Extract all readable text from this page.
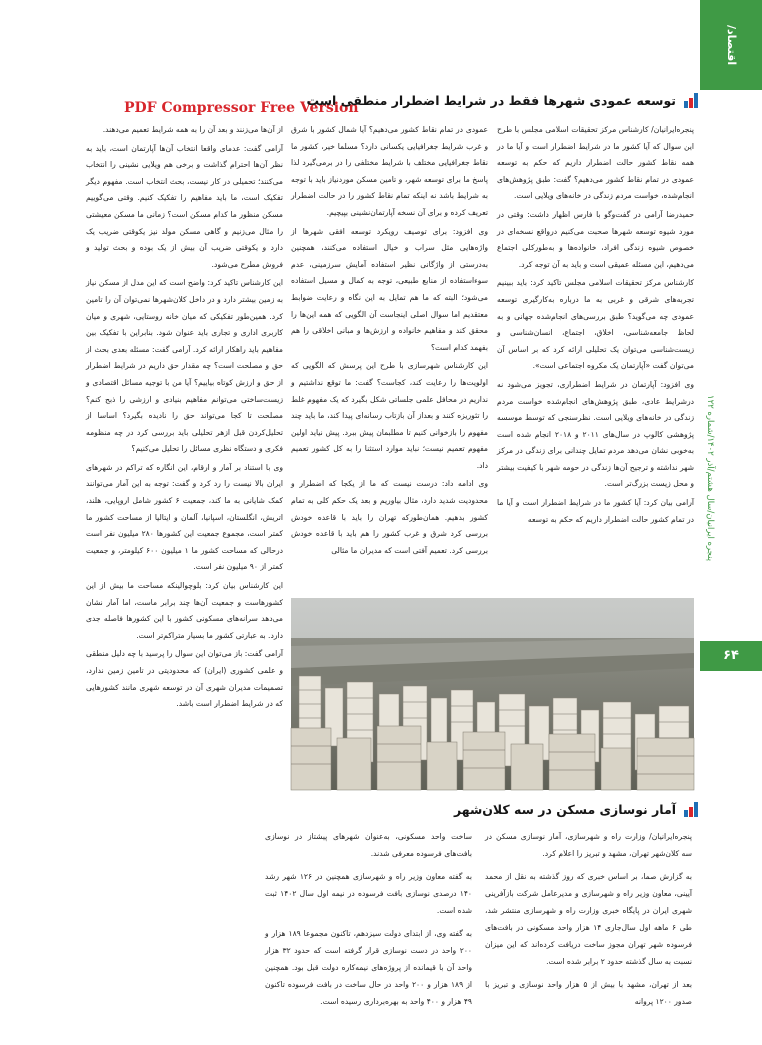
اقتصاد/ماکرو/رنگ
پنجره ایرانیان/سال هشتم/آذر ۱۴۰۲/شماره ۱۲۲
۶۴
PDF Compressor Free Version
توسعه عمودی شهرها فقط در شرایط اضطرار منطقی است

پنجره‌ایرانیان/ کارشناس مرکز تحقیقات اسلامی مجلس با طرح این سوال که آیا کشور ما در شرایط اضطرار است و آیا ما در همه نقاط کشور حالت اضطرار داریم که حکم به توسعه عمودی در تمام نقاط کشور می‌دهیم؟ گفت: طبق پژوهش‌های انجام‌شده، خواست مردم زندگی در خانه‌های ویلایی است.

حمیدرضا آرامی در گفت‌وگو با فارس اظهار داشت: وقتی در مورد شیوه توسعه شهرها صحبت می‌کنیم درواقع نسخه‌ای در خصوص شیوه زندگی افراد، خانواده‌ها و به‌طورکلی اجتماع می‌دهیم، این مسئله عمیقی است و باید به آن توجه کرد.

کارشناس مرکز تحقیقات اسلامی مجلس تاکید کرد: باید ببینیم تجربه‌های شرقی و غربی به ما درباره به‌کارگیری توسعه عمودی چه می‌گوید؟ طبق بررسی‌های انجام‌شده جهانی و به لحاظ جامعه‌شناسی، اخلاق، اجتماع، انسان‌شناسی و زیست‌شناسی می‌توان یک تحلیلی ارائه کرد که بر اساس آن می‌توان گفت «آپارتمان یک مکروه اجتماعی است».

وی افزود: آپارتمان در شرایط اضطراری، تجویز می‌شود نه درشرایط عادی، طبق پژوهش‌های انجام‌شده خواست مردم زندگی در خانه‌های ویلایی است. نظرسنجی که توسط موسسه پژوهشی کالوپ در سال‌های ۲۰۱۱ و ۲۰۱۸ انجام شده است به‌خوبی نشان می‌دهد مردم تمایل چندانی برای زندگی در مرکز شهر نداشته و ترجیح آن‌ها زندگی در حومه شهر با کیفیت بیشتر و محل زیست بزرگ‌تر است.

آرامی بیان کرد: آیا کشور ما در شرایط اضطرار است و آیا ما در تمام کشور حالت اضطرار داریم که حکم به توسعه

عمودی در تمام نقاط کشور می‌دهیم؟ آیا شمال کشور با شرق و غرب شرایط جغرافیایی یکسانی دارد؟ مسلما خیر، کشور ما نقاط جغرافیایی مختلف با شرایط مختلفی را در برمی‌گیرد لذا پاسخ ما برای توسعه شهر، و تامین مسکن موردنیاز باید با توجه به شرایط باشد نه اینکه تمام نقاط کشور را در حالت اضطرار تعریف کرده و برای آن نسخه آپارتمان‌نشینی بپیچیم.

وی افزود: برای توصیف رویکرد توسعه افقی شهرها از واژه‌هایی مثل سراب و خیال استفاده می‌کنند، همچنین به‌درستی از واژگانی نظیر استفاده آمایش سرزمینی، عدم سوءاستفاده از منابع طبیعی، توجه به کمال و مسیل استفاده می‌شود؛ البته که ما هم تمایل به این نگاه و رعایت ضوابط معتقدیم اما سوال اصلی اینجاست آن الگویی که همه این‌ها را محقق کند و مفاهیم خانواده و ارزش‌ها و مبانی اخلاقی را هم بفهمد کدام است؟

این کارشناس شهرسازی با طرح این پرسش که الگویی که اولویت‌ها را رعایت کند، کجاست؟ گفت: ما توقع نداشتیم و نداریم در محافل علمی جلساتی شکل بگیرد که یک مفهوم غلط را تئوریزه کنند و بعداز آن بازتاب رسانه‌ای پیدا کند، ما باید چند مفهوم را بازخوانی کنیم تا مطلبمان پیش ببرد. پیش نیاید اولین مفهوم تعمیم نیست؛ نباید موارد استثنا را به کل کشور تعمیم داد.

وی ادامه داد: درست نیست که ما از یکجا که اضطرار و محدودیت شدید دارد، مثال بیاوریم و بعد یک حکم کلی به تمام کشور بدهیم. همان‌طورکه تهران را باید با قاعده خودش بررسی کرد شرق و غرب کشور را هم باید با قاعده خودش بررسی کرد. تعمیم آفتی است که مدیران ما مثالی

از آن‌ها می‌زنند و بعد آن را به همه شرایط تعمیم می‌دهند.

آرامی گفت: عدمای واقعا انتخاب آن‌ها آپارتمان است، باید به نظر آن‌ها احترام گذاشت و برخی هم ویلایی نشینی را انتخاب می‌کنند؛ تحمیلی در کار نیست، بحث انتخاب است. مفهوم دیگر تفکیک است، ما باید مفاهیم را تفکیک کنیم. وقتی می‌گوییم مسکن منظور ما کدام مسکن است؟ زمانی ما مسکن معیشتی را مثال می‌زنیم و گاهی مسکن مولد نیز یکوقتی ضریب یک دارد و یکوقتی ضریب آن بیش از یک بوده و بحث تولید و فروش مطرح می‌شود.

این کارشناس تاکید کرد: واضح است که این مدل از مسکن نیاز به زمین بیشتر دارد و در داخل کلان‌شهرها نمی‌توان آن را تامین کرد. همین‌طور تفکیکی که میان خانه روستایی، شهری و میان کاربری اداری و تجاری باید عنوان شود. بنابراین با تفکیک بین مفاهیم باید راهکار ارائه کرد. آرامی گفت: مسئله بعدی بحث از حق و مصلحت است؟ چه مقدار حق داریم در شرایط اضطرار از حق و ارزش کوتاه بیاییم؟ آیا من با توجیه مسائل اقتصادی و زیست‌ساختی می‌توانم مفاهیم بنیادی و ارزشی را ذبح کنم؟ مصلحت تا کجا می‌تواند حق را نادیده بگیرد؟ اساسا از تحلیل‌کردن قبل ازهر تحلیلی باید بررسی کرد در چه منظومه فکری و دستگاه نظری مسائل را تحلیل می‌کنیم؟

وی با استناد بر آمار و ارقام، این انگاره که تراکم در شهرهای ایران بالا نیست را رد کرد و گفت: توجه به این آمار می‌توانند کمک شایانی به ما کند، جمعیت ۶ کشور شامل اروپایی، هلند، اتریش، انگلستان، اسپانیا، آلمان و ایتالیا از مساحت کشور ما کمتر است، مجموع جمعیت این کشورها ۲۸۰ میلیون نفر است درحالی که مساحت کشور ما ۱ میلیون ۶۰۰ کیلومتر، و جمعیت کمتر از ۹۰ میلیون نفر است.

این کارشناس بیان کرد: بلوچوالینکه مساحت ما بیش از این کشورهاست و جمعیت آن‌ها چند برابر ماست، اما آمار نشان می‌دهد سرانه‌های مسکونی کشور با این کشورها فاصله جدی دارد. به عبارتی کشور ما بسیار متراکم‌تر است.

آرامی گفت: باز می‌توان این سوال را پرسید با چه دلیل منطقی و علمی کشوری (ایران) که محدودیتی در تامین زمین ندارد، تصمیمات مدیران شهری آن در توسعه شهری مانند کشورهایی که در شرایط اضطرار است باشد.

آمار نوسازی مسکن در سه کلان‌شهر

پنجره‌ایرانیان/ وزارت راه و شهرسازی، آمار نوسازی مسکن در سه کلان‌شهر تهران، مشهد و تبریز را اعلام کرد.

به گزارش صما، بر اساس خبری که روز گذشته به نقل از محمد آیینی، معاون وزیر راه و شهرسازی و مدیرعامل شرکت بازآفرینی شهری ایران در پایگاه خبری وزارت راه و شهرسازی منتشر شد، طی ۶ ماهه اول سال‌جاری ۱۴ هزار واحد مسکونی در بافت‌های فرسوده شهر تهران مجوز ساخت دریافت کرده‌اند که این میزان نسبت به سال گذشته حدود ۲ برابر شده است.

بعد از تهران، مشهد با بیش از ۵ هزار واحد نوسازی و تبریز با صدور ۱۲۰۰ پروانه

ساخت واحد مسکونی، به‌عنوان شهرهای پیشتاز در نوسازی بافت‌های فرسوده معرفی شدند.

به گفته معاون وزیر راه و شهرسازی همچنین در ۱۲۶ شهر رشد ۱۴۰ درصدی نوسازی بافت فرسوده در نیمه اول سال ۱۴۰۲ ثبت شده است.

به گفته وی، از ابتدای دولت سیزدهم، تاکنون مجموعا ۱۸۹ هزار و ۲۰۰ واحد در دست نوسازی قرار گرفته است که حدود ۳۲ هزار واحد آن با قیمانده از پروژه‌های نیمه‌کاره دولت قبل بود. همچنین از ۱۸۹ هزار و ۲۰۰ واحد در حال ساخت در بافت فرسوده تاکنون ۴۹ هزار و ۴۰۰ واحد به بهره‌برداری رسیده است.
